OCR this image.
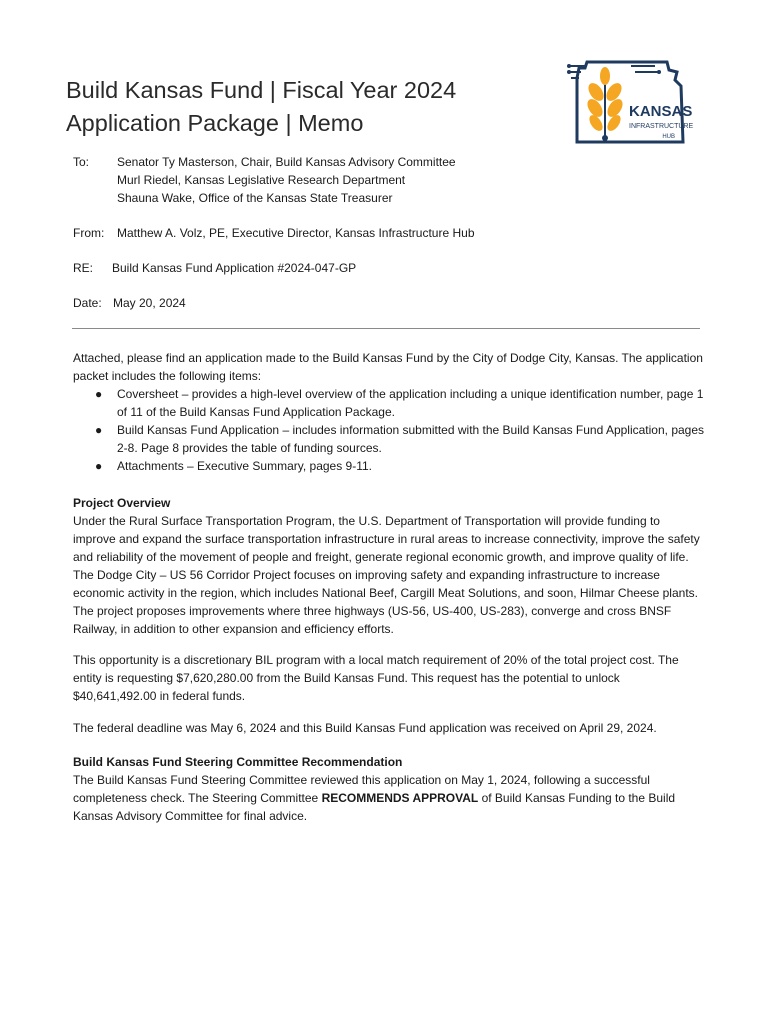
Build Kansas Fund | Fiscal Year 2024
Application Package | Memo	KANSAS
INFRASTRUCTURE
HUB
To: Senator Ty Masterson, Chair, Build Kansas Advisory Committee
Murl Riedel, Kansas Legislative Research Department
Shauna Wake, Office of the Kansas State Treasurer
From: Matthew A. Volz, PE, Executive Director, Kansas Infrastructure Hub
RE: Build Kansas Fund Application #2024-047-GP
Date: May 20, 2024

Attached, please find an application made to the Build Kansas Fund by the City of Dodge City, Kansas. The application packet includes the following items:

● Coversheet – provides a high-level overview of the application including a unique identification number, page 1 of 11 of the Build Kansas Fund Application Package.
● Build Kansas Fund Application – includes information submitted with the Build Kansas Fund Application, pages 2-8. Page 8 provides the table of funding sources.
● Attachments – Executive Summary, pages 9-11.

Project Overview

Under the Rural Surface Transportation Program, the U.S. Department of Transportation will provide funding to improve and expand the surface transportation infrastructure in rural areas to increase connectivity, improve the safety and reliability of the movement of people and freight, generate regional economic growth, and improve quality of life. The Dodge City – US 56 Corridor Project focuses on improving safety and expanding infrastructure to increase economic activity in the region, which includes National Beef, Cargill Meat Solutions, and soon, Hilmar Cheese plants. The project proposes improvements where three highways (US-56, US-400, US-283), converge and cross BNSF Railway, in addition to other expansion and efficiency efforts.

This opportunity is a discretionary BIL program with a local match requirement of 20% of the total project cost. The entity is requesting $7,620,280.00 from the Build Kansas Fund. This request has the potential to unlock $40,641,492.00 in federal funds.

The federal deadline was May 6, 2024 and this Build Kansas Fund application was received on April 29, 2024.

Build Kansas Fund Steering Committee Recommendation

The Build Kansas Fund Steering Committee reviewed this application on May 1, 2024, following a successful completeness check. The Steering Committee RECOMMENDS APPROVAL of Build Kansas Funding to the Build Kansas Advisory Committee for final advice.
